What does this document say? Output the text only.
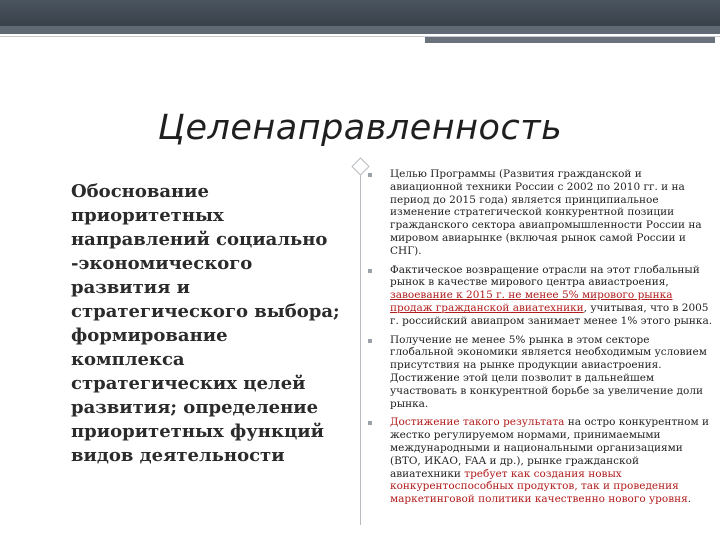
Целенаправленность
Обоснование
приоритетных
направлений социально
-экономического
развития и
стратегического выбора;
формирование
комплекса
стратегических целей
развития; определение
приоритетных функций
видов деятельности
Целью Программы (Развития гражданской и
авиационной техники России с 2002 по 2010 гг. и на
период до 2015 года) является принципиальное
изменение стратегической конкурентной позиции
гражданского сектора авиапромышленности России на
мировом авиарынке (включая рынок самой России и
СНГ).
Фактическое возвращение отрасли на этот глобальный
рынок в качестве мирового центра авиастроения,
завоевание к 2015 г. не менее 5% мирового рынка
продаж гражданской авиатехники, учитывая, что в 2005
г. российский авиапром занимает менее 1% этого рынка.
Получение не менее 5% рынка в этом секторе
глобальной экономики является необходимым условием
присутствия на рынке продукции авиастроения.
Достижение этой цели позволит в дальнейшем
участвовать в конкурентной борьбе за увеличение доли
рынка.
Достижение такого результата на остро конкурентном и
жестко регулируемом нормами, принимаемыми
международными и национальными организациями
(ВТО, ИКАО, FAA и др.), рынке гражданской
авиатехники требует как создания новых
конкурентоспособных продуктов, так и проведения
маркетинговой политики качественно нового уровня.
